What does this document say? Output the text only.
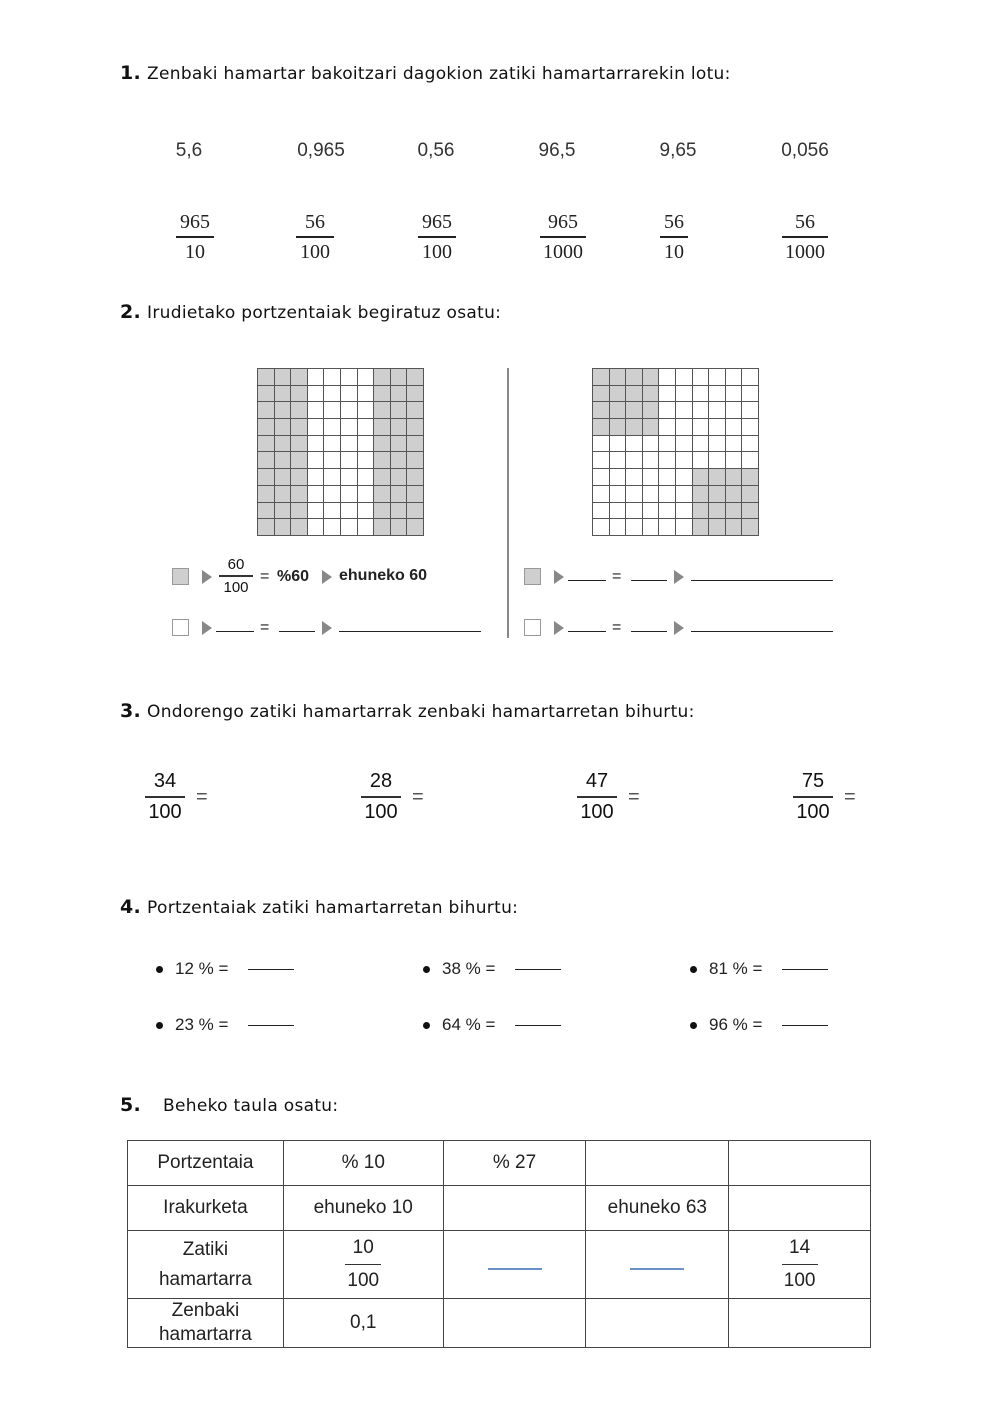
1. Zenbaki hamartar bakoitzari dagokion zatiki hamartarrarekin lotu:
5,6	0,965	0,56	96,5	9,65	0,056
965
10
56
100
965
100
965
1000
56
10
56
1000
2. Irudietako portzentaiak begiratuz osatu:
60
100
= %60 ehuneko 60
=
=
=
3. Ondorengo zatiki hamartarrak zenbaki hamartarretan bihurtu:
34
100
=
28
100
=
47
100
=
75
100
=
4. Portzentaiak zatiki hamartarretan bihurtu:
12 % =	38 % =	81 % =
23 % =	64 % =	96 % =
5. Beheko taula osatu:
Portzentaia	% 10	% 27		
Irakurketa	ehuneko 10		ehuneko 63	
Zatiki
hamartarra	$\frac{10}{100}$			$\frac{14}{100}$

Zenbaki
hamartarra	0,1			
